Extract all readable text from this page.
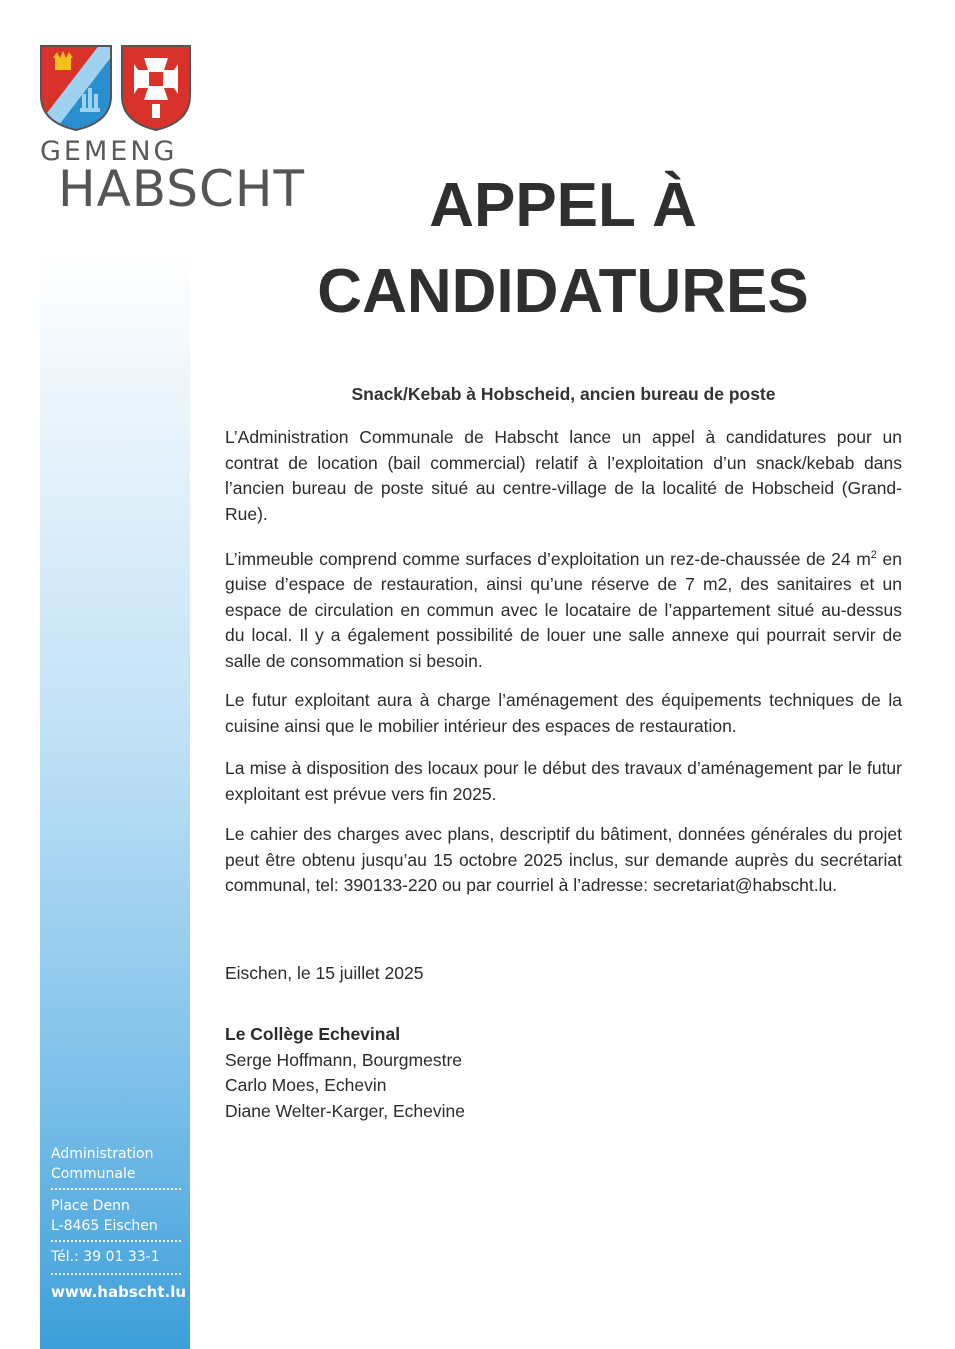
GEMENG
HABSCHT	APPEL À
CANDIDATURES
Snack/Kebab à Hobscheid, ancien bureau de poste

L’Administration Communale de Habscht lance un appel à candidatures pour un contrat de location (bail commercial) relatif à l’exploitation d’un snack/kebab dans l’ancien bureau de poste situé au centre-village de la localité de Hobscheid (Grand-Rue).

L’immeuble comprend comme surfaces d’exploitation un rez-de-chaussée de 24 $m^2$ en guise d’espace de restauration, ainsi qu’une réserve de 7 m2, des sanitaires et un espace de circulation en commun avec le locataire de l’appartement situé au-dessus du local. Il y a également possibilité de louer une salle annexe qui pourrait servir de salle de consommation si besoin.

Le futur exploitant aura à charge l’aménagement des équipements techniques de la cuisine ainsi que le mobilier intérieur des espaces de restauration.

La mise à disposition des locaux pour le début des travaux d’aménagement par le futur exploitant est prévue vers fin 2025.

Le cahier des charges avec plans, descriptif du bâtiment, données générales du projet peut être obtenu jusqu’au 15 octobre 2025 inclus, sur demande auprès du secrétariat communal, tel: 390133-220 ou par courriel à l’adresse: secretariat@habscht.lu.

Eischen, le 15 juillet 2025
Le Collège Echevinal
Serge Hoffmann, Bourgmestre
Carlo Moes, Echevin
Diane Welter-Karger, Echevine
Administration
Communale
Place Denn
L-8465 Eischen
Tél.: 39 01 33-1
www.habscht.lu
